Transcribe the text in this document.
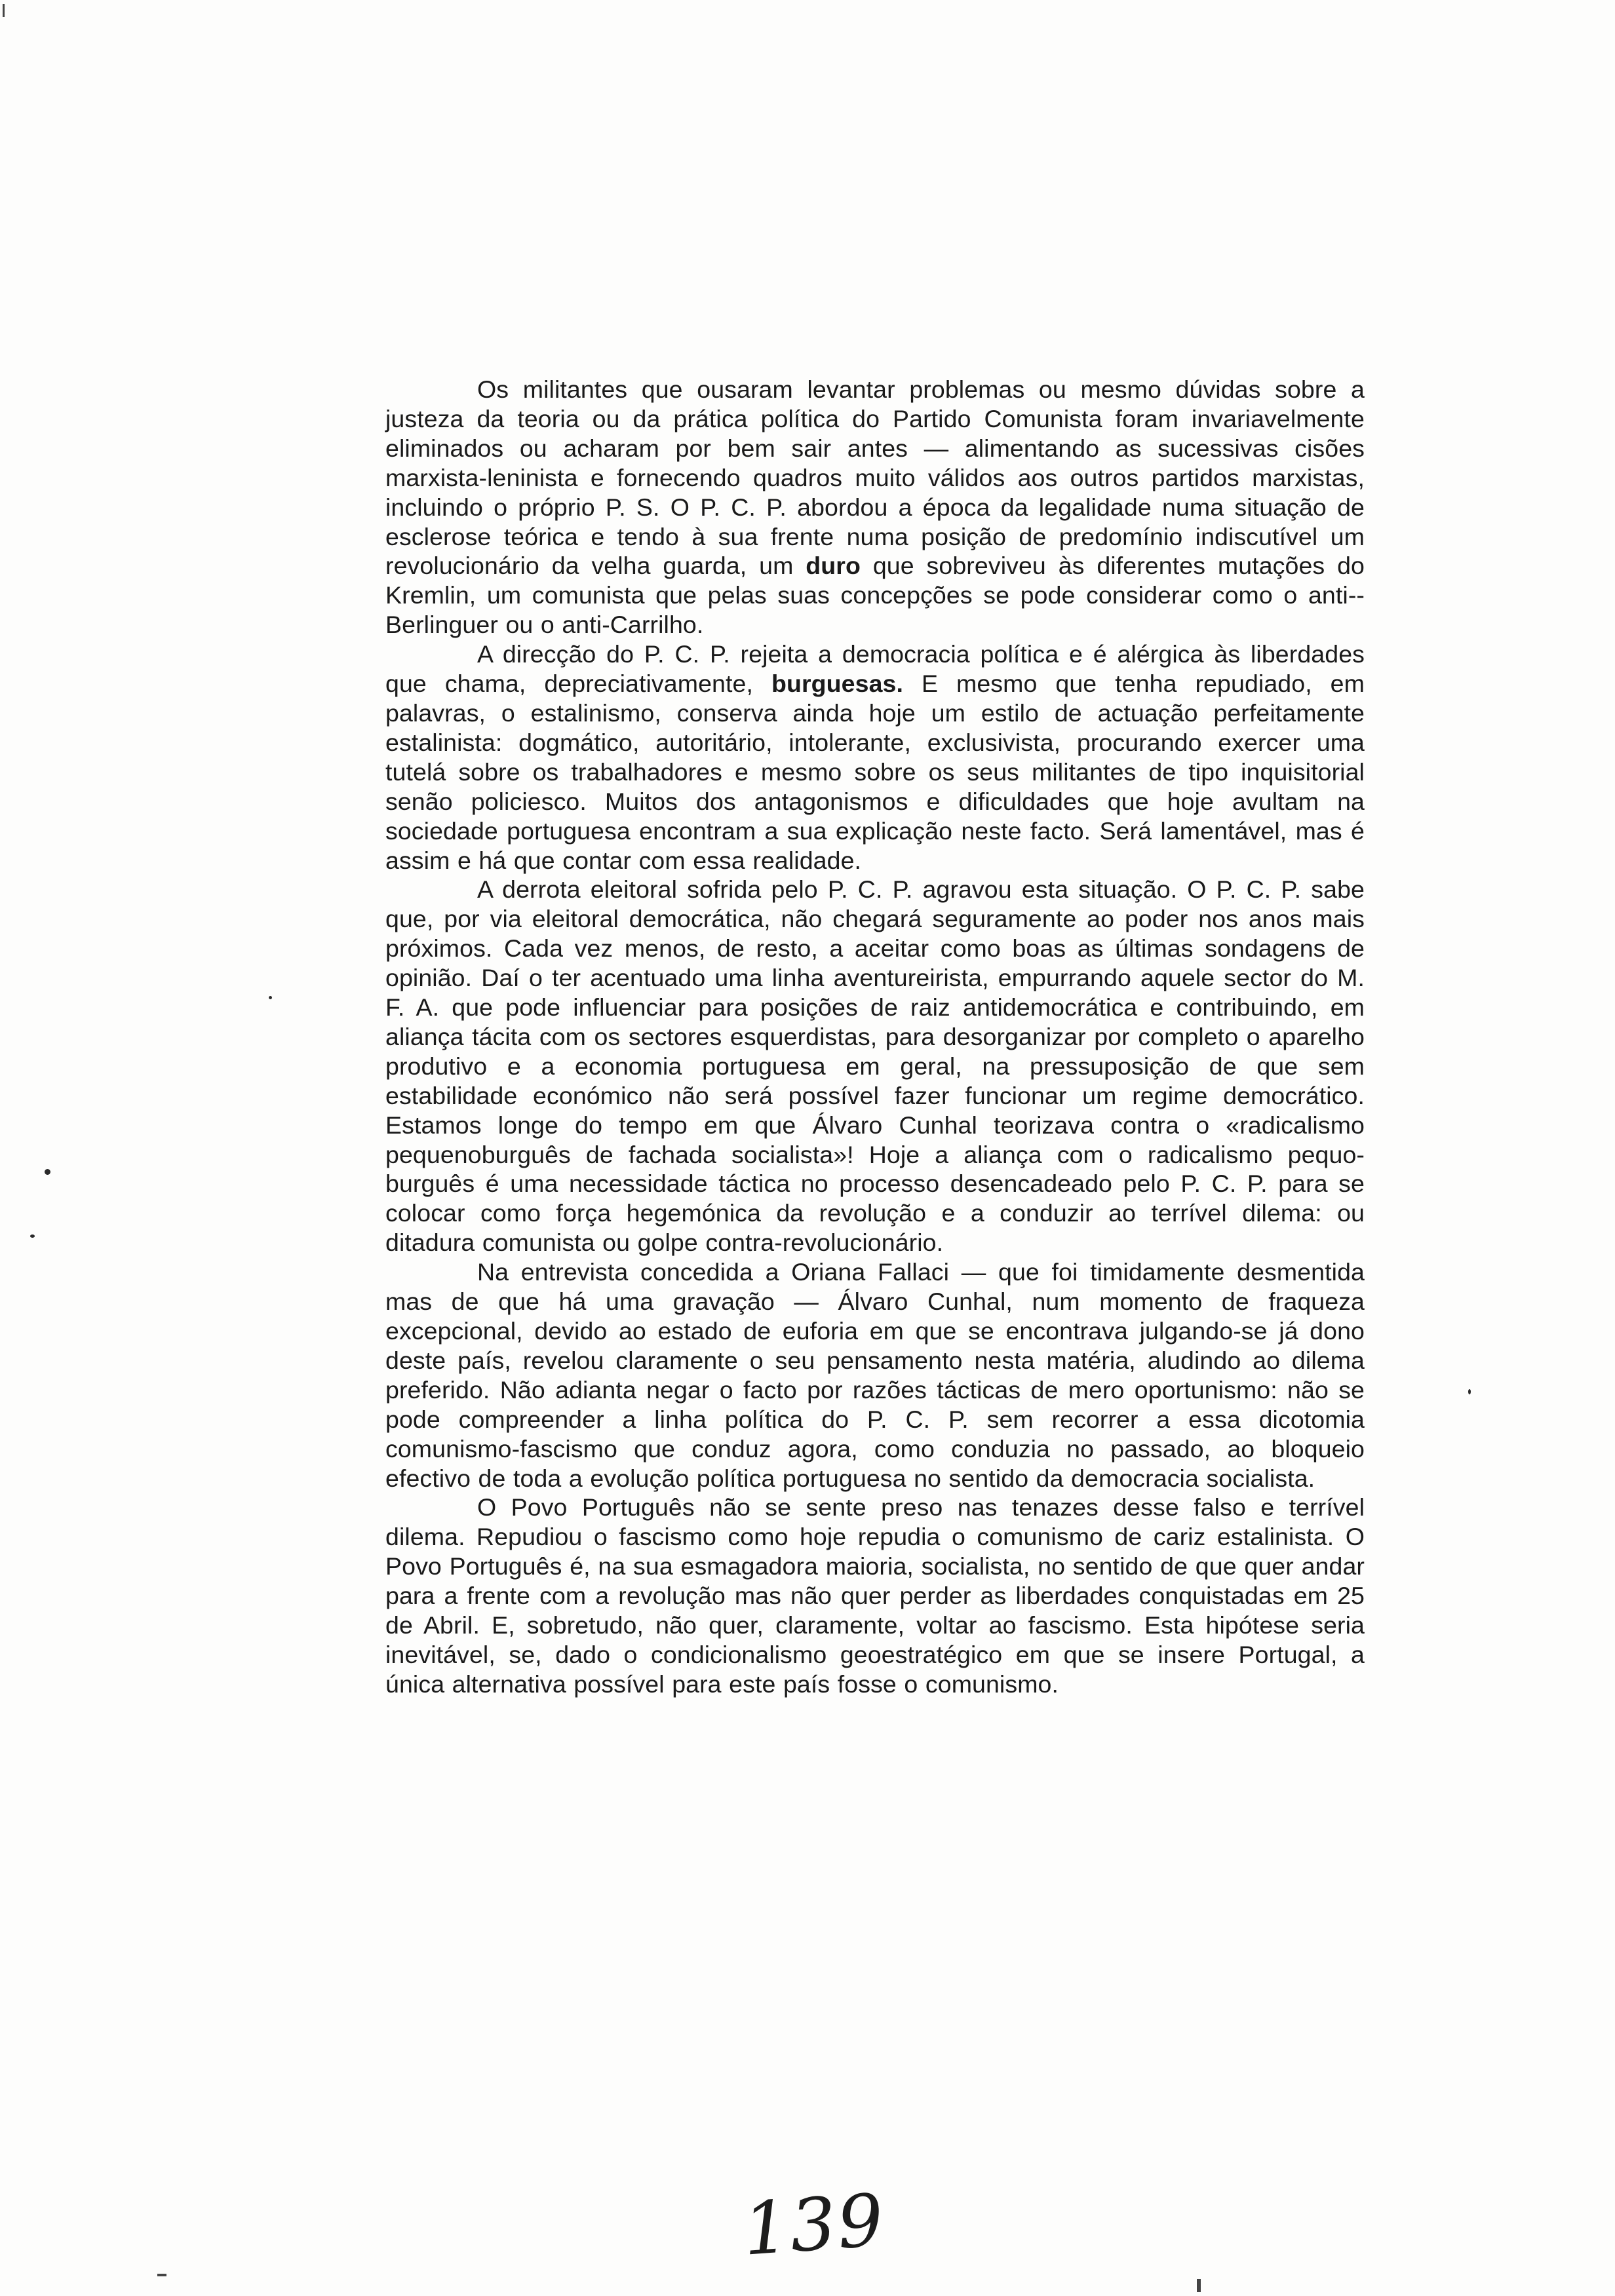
Os militantes que ousaram levantar problemas ou mesmo dúvidas sobre a justeza da teoria ou da prática política do Partido Comunista foram invariavelmente eliminados ou acharam por bem sair antes — alimentando as sucessivas cisões marxista-leninista e fornecendo quadros muito válidos aos outros partidos marxistas, incluindo o próprio P. S. O P. C. P. abordou a época da legalidade numa situação de esclerose teórica e tendo à sua frente numa posição de predomínio indiscutível um revolucionário da velha guarda, um duro que sobreviveu às diferentes mutações do Kremlin, um comunista que pelas suas concepções se pode considerar como o anti--Berlinguer ou o anti-Carrilho.

A direcção do P. C. P. rejeita a democracia política e é alérgica às liberdades que chama, depreciativamente, burguesas. E mesmo que tenha repudiado, em palavras, o estalinismo, conserva ainda hoje um estilo de actuação perfeitamente estalinista: dogmático, autoritário, intolerante, exclusivista, procurando exercer uma tutelá sobre os trabalhadores e mesmo sobre os seus militantes de tipo inquisitorial senão policiesco. Muitos dos antagonismos e dificuldades que hoje avultam na sociedade portuguesa encontram a sua explicação neste facto. Será lamentável, mas é assim e há que contar com essa realidade.

A derrota eleitoral sofrida pelo P. C. P. agravou esta situação. O P. C. P. sabe que, por via eleitoral democrática, não chegará seguramente ao poder nos anos mais próximos. Cada vez menos, de resto, a aceitar como boas as últimas sondagens de opinião. Daí o ter acentuado uma linha aventureirista, empurrando aquele sector do M. F. A. que pode influenciar para posições de raiz antidemocrática e contribuindo, em aliança tácita com os sectores esquerdistas, para desorganizar por completo o aparelho produtivo e a economia portuguesa em geral, na pressuposição de que sem estabilidade económico não será possível fazer funcionar um regime democrático. Estamos longe do tempo em que Álvaro Cunhal teorizava contra o «radicalismo pequenoburguês de fachada socialista»! Hoje a aliança com o radicalismo pequo-burguês é uma necessidade táctica no processo desencadeado pelo P. C. P. para se colocar como força hegemónica da revolução e a conduzir ao terrível dilema: ou ditadura comunista ou golpe contra-revolucionário.

Na entrevista concedida a Oriana Fallaci — que foi timidamente desmentida mas de que há uma gravação — Álvaro Cunhal, num momento de fraqueza excepcional, devido ao estado de euforia em que se encontrava julgando-se já dono deste país, revelou claramente o seu pensamento nesta matéria, aludindo ao dilema preferido. Não adianta negar o facto por razões tácticas de mero oportunismo: não se pode compreender a linha política do P. C. P. sem recorrer a essa dicotomia comunismo-fascismo que conduz agora, como conduzia no passado, ao bloqueio efectivo de toda a evolução política portuguesa no sentido da democracia socialista.

O Povo Português não se sente preso nas tenazes desse falso e terrível dilema. Repudiou o fascismo como hoje repudia o comunismo de cariz estalinista. O Povo Português é, na sua esmagadora maioria, socialista, no sentido de que quer andar para a frente com a revolução mas não quer perder as liberdades conquistadas em 25 de Abril. E, sobretudo, não quer, claramente, voltar ao fascismo. Esta hipótese seria inevitável, se, dado o condicionalismo geoestratégico em que se insere Portugal, a única alternativa possível para este país fosse o comunismo.

139
